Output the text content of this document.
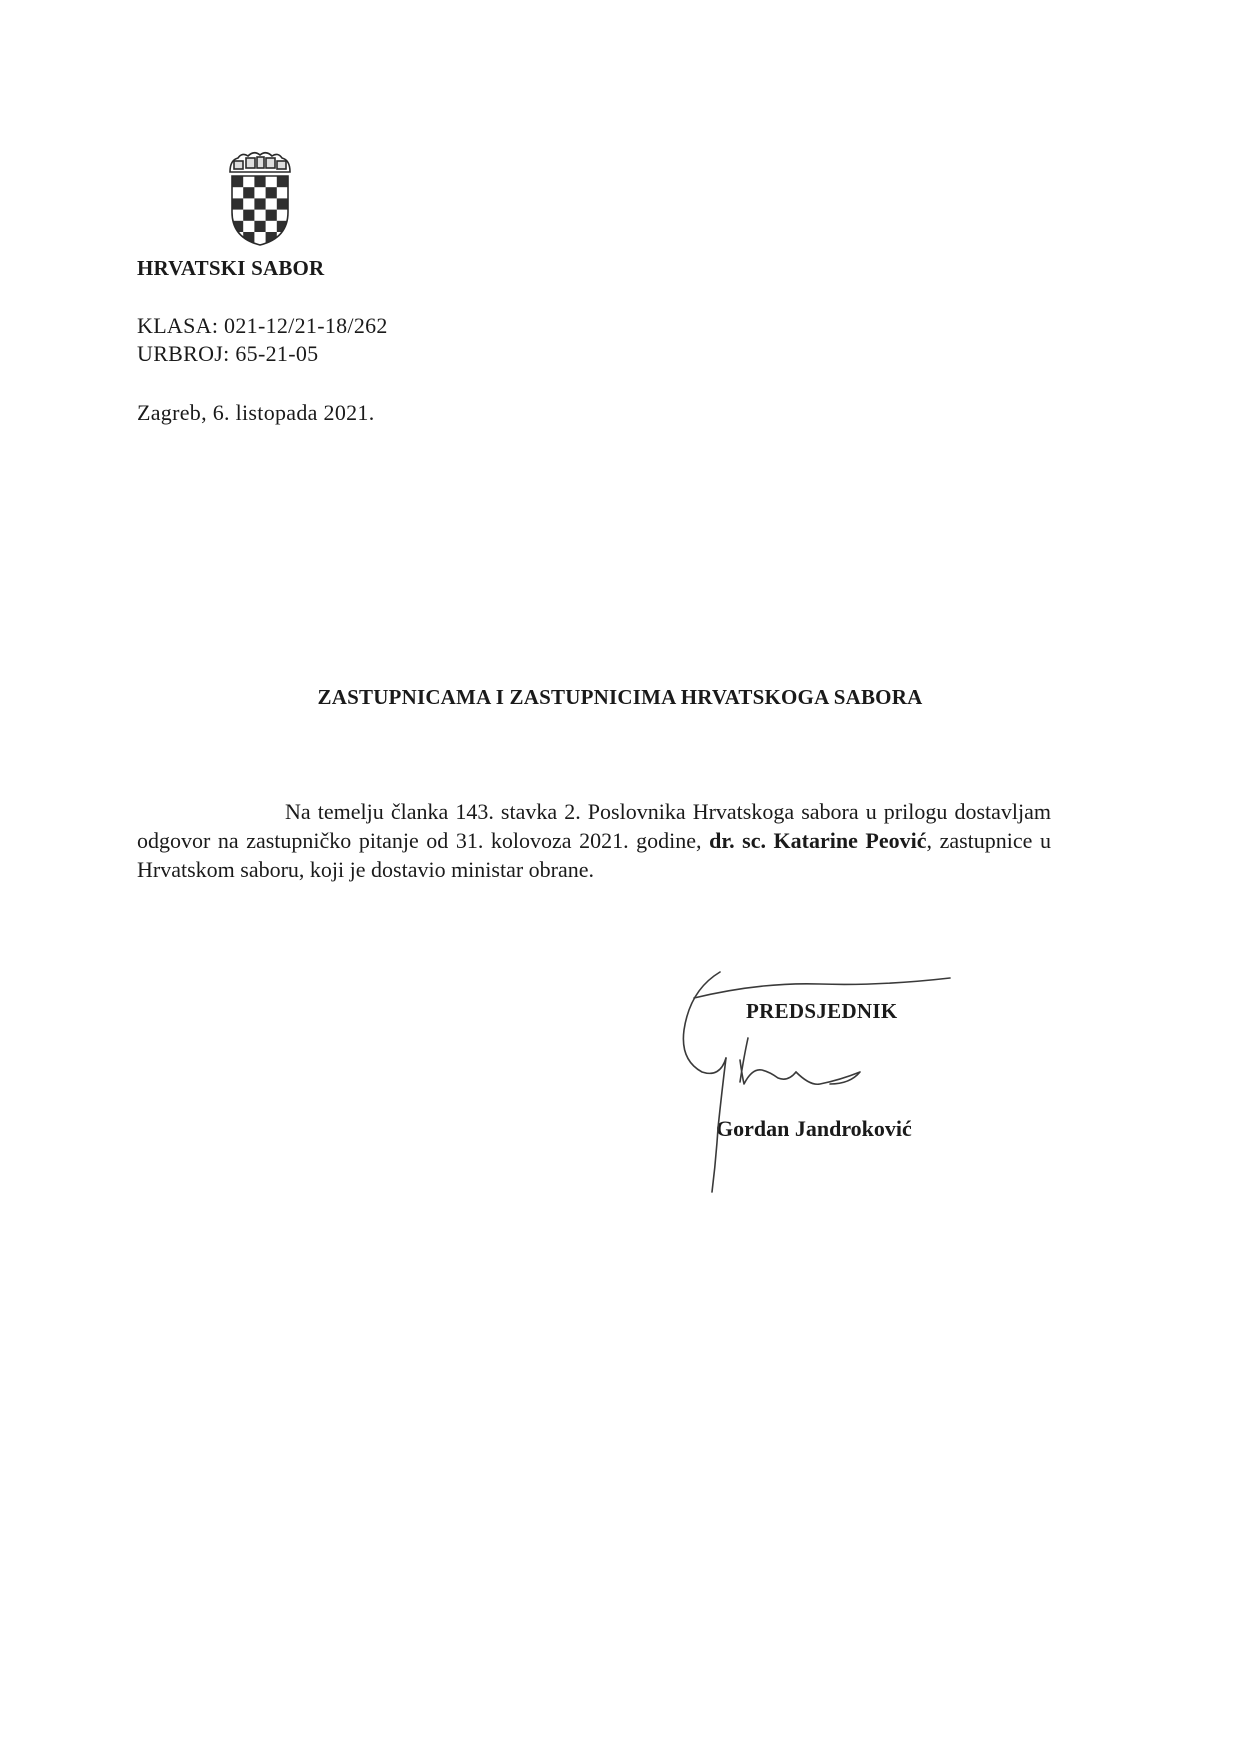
HRVATSKI SABOR
KLASA: 021-12/21-18/262
URBROJ: 65-21-05
Zagreb, 6. listopada 2021.
ZASTUPNICAMA I ZASTUPNICIMA HRVATSKOGA SABORA
Na temelju članka 143. stavka 2. Poslovnika Hrvatskoga sabora u prilogu dostavljam odgovor na zastupničko pitanje od 31. kolovoza 2021. godine, dr. sc. Katarine Peović, zastupnice u Hrvatskom saboru, koji je dostavio ministar obrane.
PREDSJEDNIK
Gordan Jandroković
